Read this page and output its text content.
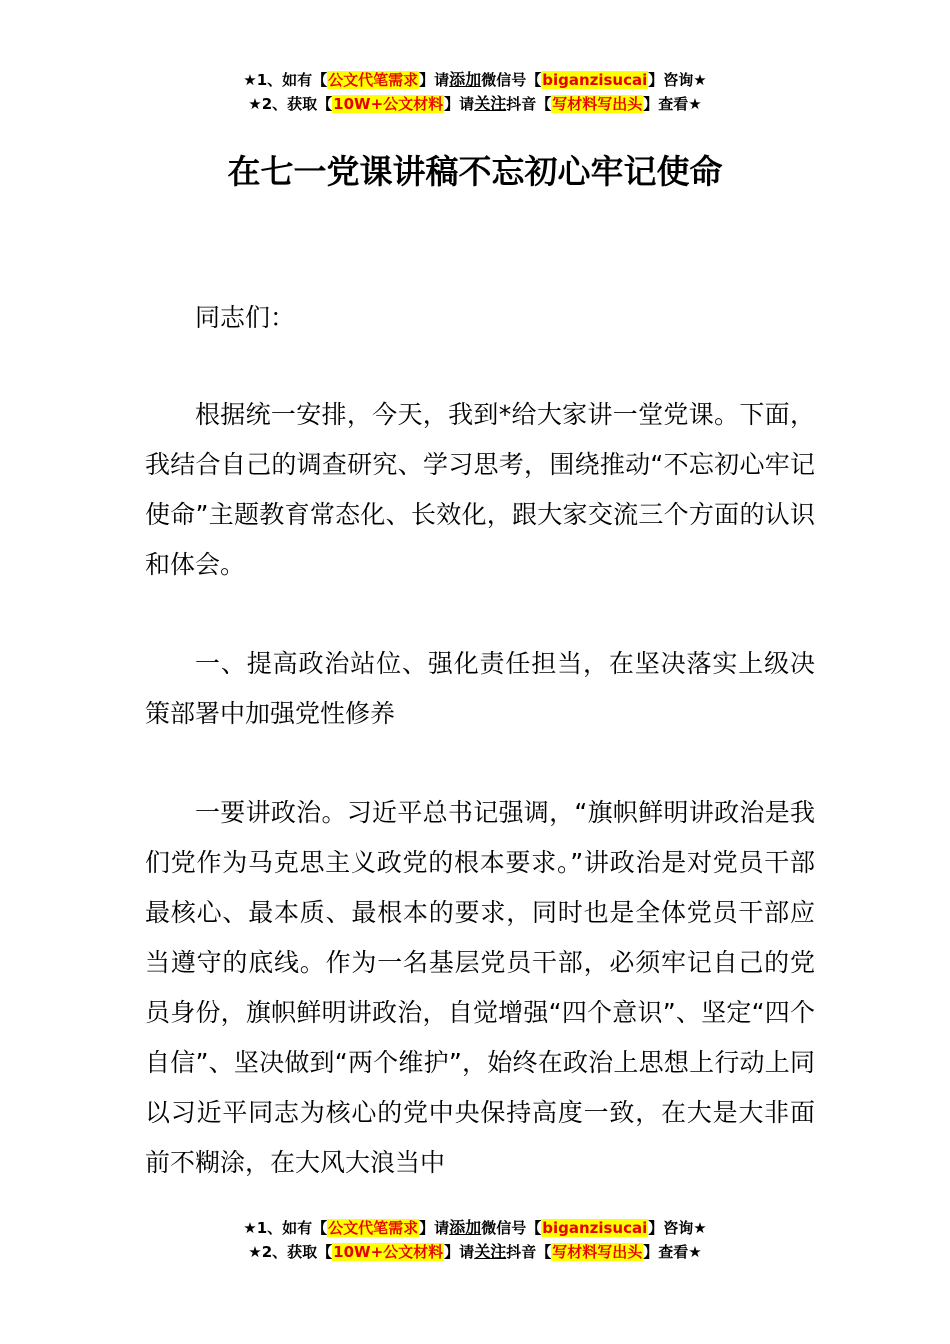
★1、如有【公文代笔需求】请添加微信号【biganzisucai】咨询★
★2、获取【10W+公文材料】请关注抖音【写材料写出头】查看★
在七一党课讲稿不忘初心牢记使命

同志们：

根据统一安排，今天，我到*给大家讲一堂党课。下面，我结合自己的调查研究、学习思考，围绕推动“不忘初心牢记使命”主题教育常态化、长效化，跟大家交流三个方面的认识和体会。

一、提高政治站位、强化责任担当，在坚决落实上级决策部署中加强党性修养

一要讲政治。习近平总书记强调，“旗帜鲜明讲政治是我们党作为马克思主义政党的根本要求。”讲政治是对党员干部最核心、最本质、最根本的要求，同时也是全体党员干部应当遵守的底线。作为一名基层党员干部，必须牢记自己的党员身份，旗帜鲜明讲政治，自觉增强“四个意识”、坚定“四个自信”、坚决做到“两个维护”，始终在政治上思想上行动上同以习近平同志为核心的党中央保持高度一致，在大是大非面前不糊涂，在大风大浪当中

★1、如有【公文代笔需求】请添加微信号【biganzisucai】咨询★
★2、获取【10W+公文材料】请关注抖音【写材料写出头】查看★
